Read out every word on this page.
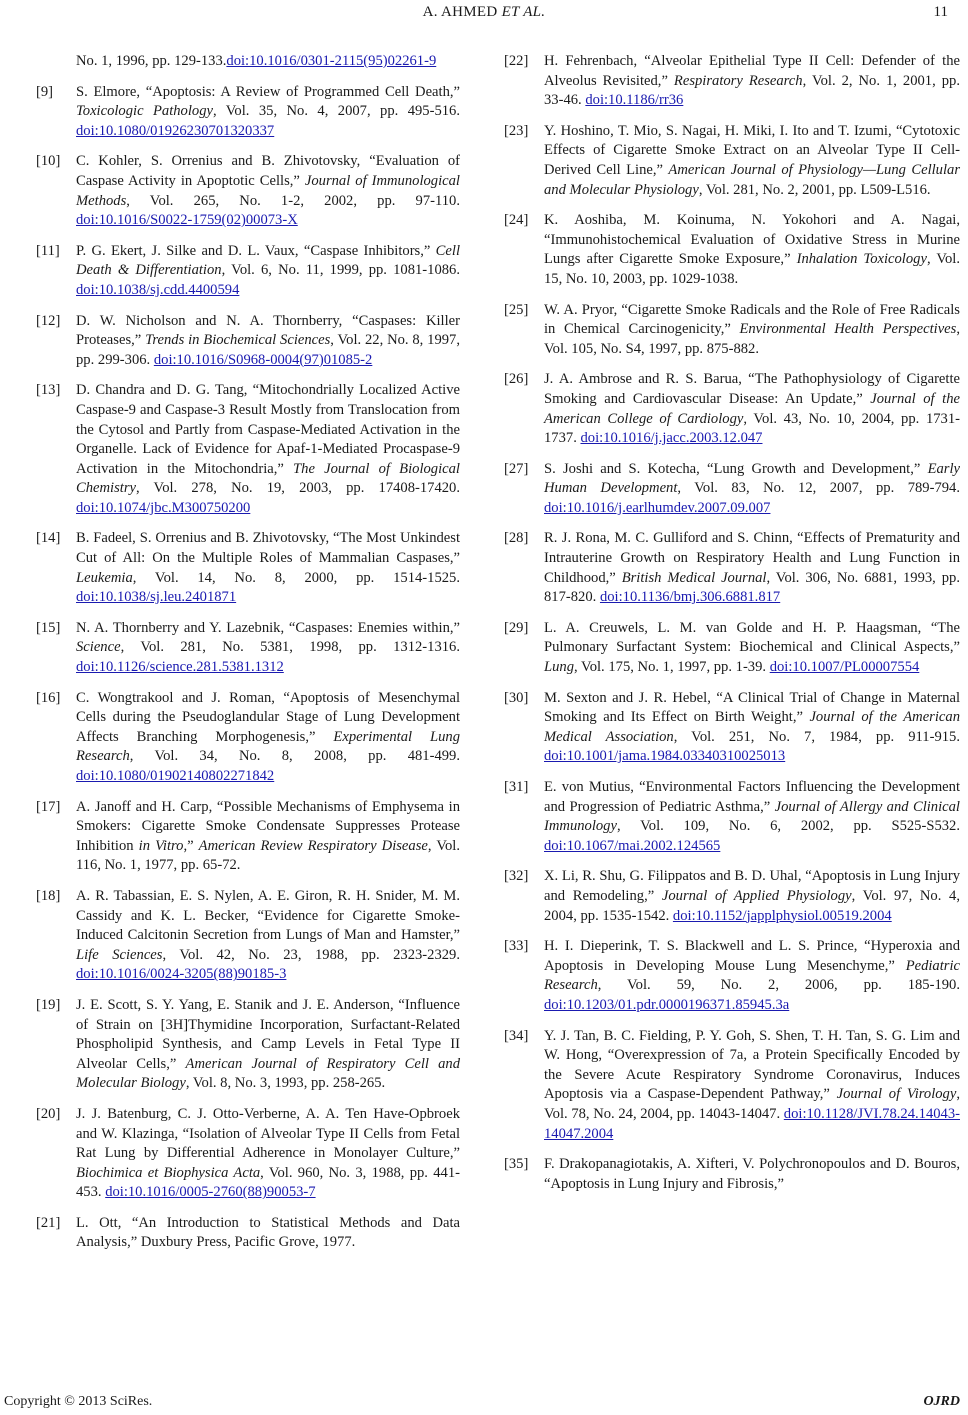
A. AHMED ET AL.	11
No. 1, 1996, pp. 129-133.doi:10.1016/0301-2115(95)02261-9
[9] S. Elmore, “Apoptosis: A Review of Programmed Cell Death,” Toxicologic Pathology, Vol. 35, No. 4, 2007, pp. 495-516. doi:10.1080/01926230701320337
[10] C. Kohler, S. Orrenius and B. Zhivotovsky, “Evaluation of Caspase Activity in Apoptotic Cells,” Journal of Immunological Methods, Vol. 265, No. 1-2, 2002, pp. 97-110. doi:10.1016/S0022-1759(02)00073-X
[11] P. G. Ekert, J. Silke and D. L. Vaux, “Caspase Inhibitors,” Cell Death & Differentiation, Vol. 6, No. 11, 1999, pp. 1081-1086. doi:10.1038/sj.cdd.4400594
[12] D. W. Nicholson and N. A. Thornberry, “Caspases: Killer Proteases,” Trends in Biochemical Sciences, Vol. 22, No. 8, 1997, pp. 299-306. doi:10.1016/S0968-0004(97)01085-2
[13] D. Chandra and D. G. Tang, “Mitochondrially Localized Active Caspase-9 and Caspase-3 Result Mostly from Translocation from the Cytosol and Partly from Caspase-Mediated Activation in the Organelle. Lack of Evidence for Apaf-1-Mediated Procaspase-9 Activation in the Mitochondria,” The Journal of Biological Chemistry, Vol. 278, No. 19, 2003, pp. 17408-17420. doi:10.1074/jbc.M300750200
[14] B. Fadeel, S. Orrenius and B. Zhivotovsky, “The Most Unkindest Cut of All: On the Multiple Roles of Mammalian Caspases,” Leukemia, Vol. 14, No. 8, 2000, pp. 1514-1525. doi:10.1038/sj.leu.2401871
[15] N. A. Thornberry and Y. Lazebnik, “Caspases: Enemies within,” Science, Vol. 281, No. 5381, 1998, pp. 1312-1316. doi:10.1126/science.281.5381.1312
[16] C. Wongtrakool and J. Roman, “Apoptosis of Mesenchymal Cells during the Pseudoglandular Stage of Lung Development Affects Branching Morphogenesis,” Experimental Lung Research, Vol. 34, No. 8, 2008, pp. 481-499. doi:10.1080/01902140802271842
[17] A. Janoff and H. Carp, “Possible Mechanisms of Emphysema in Smokers: Cigarette Smoke Condensate Suppresses Protease Inhibition in Vitro,” American Review Respiratory Disease, Vol. 116, No. 1, 1977, pp. 65-72.
[18] A. R. Tabassian, E. S. Nylen, A. E. Giron, R. H. Snider, M. M. Cassidy and K. L. Becker, “Evidence for Cigarette Smoke-Induced Calcitonin Secretion from Lungs of Man and Hamster,” Life Sciences, Vol. 42, No. 23, 1988, pp. 2323-2329. doi:10.1016/0024-3205(88)90185-3
[19] J. E. Scott, S. Y. Yang, E. Stanik and J. E. Anderson, “Influence of Strain on [3H]Thymidine Incorporation, Surfactant-Related Phospholipid Synthesis, and Camp Levels in Fetal Type II Alveolar Cells,” American Journal of Respiratory Cell and Molecular Biology, Vol. 8, No. 3, 1993, pp. 258-265.
[20] J. J. Batenburg, C. J. Otto-Verberne, A. A. Ten Have-Opbroek and W. Klazinga, “Isolation of Alveolar Type II Cells from Fetal Rat Lung by Differential Adherence in Monolayer Culture,” Biochimica et Biophysica Acta, Vol. 960, No. 3, 1988, pp. 441-453. doi:10.1016/0005-2760(88)90053-7
[21] L. Ott, “An Introduction to Statistical Methods and Data Analysis,” Duxbury Press, Pacific Grove, 1977.
[22] H. Fehrenbach, “Alveolar Epithelial Type II Cell: Defender of the Alveolus Revisited,” Respiratory Research, Vol. 2, No. 1, 2001, pp. 33-46. doi:10.1186/rr36
[23] Y. Hoshino, T. Mio, S. Nagai, H. Miki, I. Ito and T. Izumi, “Cytotoxic Effects of Cigarette Smoke Extract on an Alveolar Type II Cell-Derived Cell Line,” American Journal of Physiology—Lung Cellular and Molecular Physiology, Vol. 281, No. 2, 2001, pp. L509-L516.
[24] K. Aoshiba, M. Koinuma, N. Yokohori and A. Nagai, “Immunohistochemical Evaluation of Oxidative Stress in Murine Lungs after Cigarette Smoke Exposure,” Inhalation Toxicology, Vol. 15, No. 10, 2003, pp. 1029-1038.
[25] W. A. Pryor, “Cigarette Smoke Radicals and the Role of Free Radicals in Chemical Carcinogenicity,” Environmental Health Perspectives, Vol. 105, No. S4, 1997, pp. 875-882.
[26] J. A. Ambrose and R. S. Barua, “The Pathophysiology of Cigarette Smoking and Cardiovascular Disease: An Update,” Journal of the American College of Cardiology, Vol. 43, No. 10, 2004, pp. 1731-1737. doi:10.1016/j.jacc.2003.12.047
[27] S. Joshi and S. Kotecha, “Lung Growth and Development,” Early Human Development, Vol. 83, No. 12, 2007, pp. 789-794. doi:10.1016/j.earlhumdev.2007.09.007
[28] R. J. Rona, M. C. Gulliford and S. Chinn, “Effects of Prematurity and Intrauterine Growth on Respiratory Health and Lung Function in Childhood,” British Medical Journal, Vol. 306, No. 6881, 1993, pp. 817-820. doi:10.1136/bmj.306.6881.817
[29] L. A. Creuwels, L. M. van Golde and H. P. Haagsman, “The Pulmonary Surfactant System: Biochemical and Clinical Aspects,” Lung, Vol. 175, No. 1, 1997, pp. 1-39. doi:10.1007/PL00007554
[30] M. Sexton and J. R. Hebel, “A Clinical Trial of Change in Maternal Smoking and Its Effect on Birth Weight,” Journal of the American Medical Association, Vol. 251, No. 7, 1984, pp. 911-915. doi:10.1001/jama.1984.03340310025013
[31] E. von Mutius, “Environmental Factors Influencing the Development and Progression of Pediatric Asthma,” Journal of Allergy and Clinical Immunology, Vol. 109, No. 6, 2002, pp. S525-S532. doi:10.1067/mai.2002.124565
[32] X. Li, R. Shu, G. Filippatos and B. D. Uhal, “Apoptosis in Lung Injury and Remodeling,” Journal of Applied Physiology, Vol. 97, No. 4, 2004, pp. 1535-1542. doi:10.1152/japplphysiol.00519.2004
[33] H. I. Dieperink, T. S. Blackwell and L. S. Prince, “Hyperoxia and Apoptosis in Developing Mouse Lung Mesenchyme,” Pediatric Research, Vol. 59, No. 2, 2006, pp. 185-190. doi:10.1203/01.pdr.0000196371.85945.3a
[34] Y. J. Tan, B. C. Fielding, P. Y. Goh, S. Shen, T. H. Tan, S. G. Lim and W. Hong, “Overexpression of 7a, a Protein Specifically Encoded by the Severe Acute Respiratory Syndrome Coronavirus, Induces Apoptosis via a Caspase-Dependent Pathway,” Journal of Virology, Vol. 78, No. 24, 2004, pp. 14043-14047. doi:10.1128/JVI.78.24.14043-14047.2004
[35] F. Drakopanagiotakis, A. Xifteri, V. Polychronopoulos and D. Bouros, “Apoptosis in Lung Injury and Fibrosis,”
Copyright © 2013 SciRes.	OJRD
